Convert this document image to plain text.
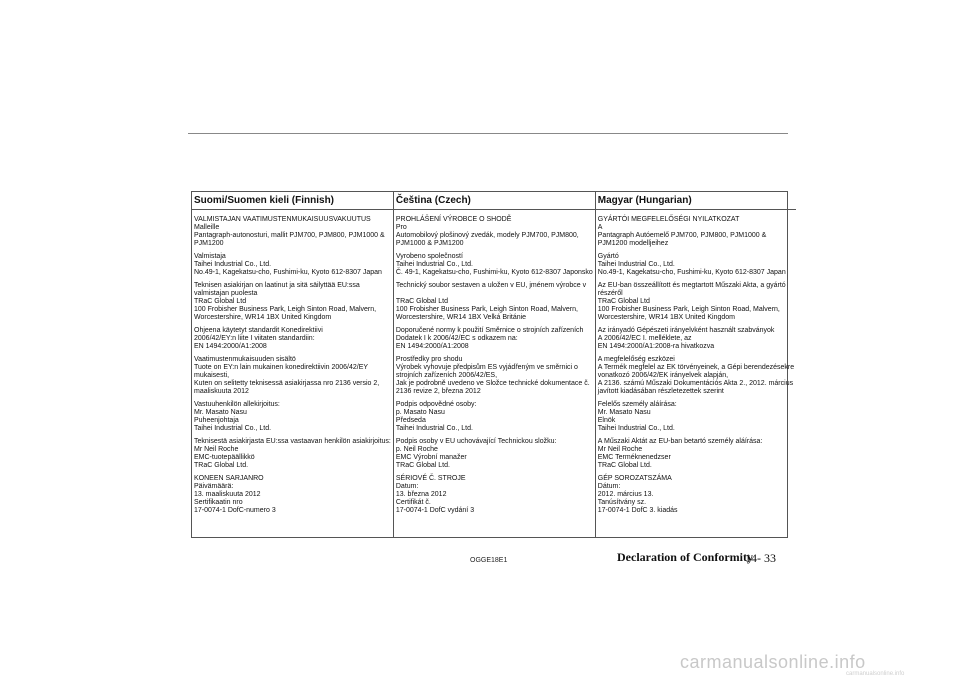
Suomi/Suomen kieli (Finnish)
VALMISTAJAN VAATIMUSTENMUKAISUUSVAKUUTUS
Malleille
Pantagraph-autonosturi, mallit PJM700, PJM800, PJM1000 &
PJM1200
Valmistaja
Taihei Industrial Co., Ltd.
No.49-1, Kagekatsu-cho, Fushimi-ku, Kyoto 612-8307 Japan
Teknisen asiakirjan on laatinut ja sitä säilyttää EU:ssa
valmistajan puolesta
TRaC Global Ltd
100 Frobisher Business Park, Leigh Sinton Road, Malvern,
Worcestershire, WR14 1BX United Kingdom
Ohjeena käytetyt standardit Konedirektiivi
2006/42/EY:n liite I viitaten standardiin:
EN 1494:2000/A1:2008
Vaatimustenmukaisuuden sisältö
Tuote on EY:n lain mukainen konedirektiivin 2006/42/EY
mukaisesti,
Kuten on selitetty teknisessä asiakirjassa nro 2136 versio 2,
maaliskuuta 2012
Vastuuhenkilön allekirjoitus:
Mr. Masato Nasu
Puheenjohtaja
Taihei Industrial Co., Ltd.
Teknisestä asiakirjasta EU:ssa vastaavan henkilön asiakirjoitus:
Mr Neil Roche
EMC-tuotepäällikkö
TRaC Global Ltd.
KONEEN SARJANRO
Päivämäärä:
13. maaliskuuta 2012
Sertifikaatin nro
17-0074-1 DofC-numero 3
Čeština (Czech)
PROHLÁŠENÍ VÝROBCE O SHODĚ
Pro
Automobilový plošinový zvedák, modely PJM700, PJM800,
PJM1000 & PJM1200
Vyrobeno společností
Taihei Industrial Co., Ltd.
Č. 49-1, Kagekatsu-cho, Fushimi-ku, Kyoto 612-8307 Japonsko
Technický soubor sestaven a uložen v EU, jménem výrobce v

TRaC Global Ltd
100 Frobisher Business Park, Leigh Sinton Road, Malvern,
Worcestershire, WR14 1BX Velká Británie
Doporučené normy k použití Směrnice o strojních zařízeních
Dodatek I k 2006/42/EC s odkazem na:
EN 1494:2000/A1:2008
Prostředky pro shodu
Výrobek vyhovuje předpisům ES vyjádřeným ve směrnici o
strojních zařízeních 2006/42/ES,
Jak je podrobně uvedeno ve Složce technické dokumentace č.
2136 revize 2, března 2012
Podpis odpovědné osoby:
p. Masato Nasu
Předseda
Taihei Industrial Co., Ltd.
Podpis osoby v EU uchovávající Technickou složku:
p. Neil Roche
EMC Výrobní manažer
TRaC Global Ltd.
SÉRIOVÉ Č. STROJE
Datum:
13. března 2012
Certifikát č.
17-0074-1 DofC vydání 3
Magyar (Hungarian)
GYÁRTÓI MEGFELELŐSÉGI NYILATKOZAT
A
Pantagraph Autóemelő PJM700, PJM800, PJM1000 &
PJM1200 modelljeihez
Gyártó
Taihei Industrial Co., Ltd.
No.49-1, Kagekatsu-cho, Fushimi-ku, Kyoto 612-8307 Japan
Az EU-ban összeállított és megtartott Műszaki Akta, a gyártó
részéről
TRaC Global Ltd
100 Frobisher Business Park, Leigh Sinton Road, Malvern,
Worcestershire, WR14 1BX United Kingdom
Az irányadó Gépészeti irányelvként használt szabványok
A 2006/42/EC I. melléklete, az
EN 1494:2000/A1:2008-ra hivatkozva
A megfelelőség eszközei
A Termék megfelel az EK törvényeinek, a Gépi berendezésekre
vonatkozó 2006/42/EK irányelvek alapján,
A 2136. számú Műszaki Dokumentációs Akta 2., 2012. március
javított kiadásában részletezettek szerint
Felelős személy aláírása:
Mr. Masato Nasu
Elnök
Taihei Industrial Co., Ltd.
A Műszaki Aktát az EU-ban betartó személy aláírása:
Mr Neil Roche
EMC Terméknenedzser
TRaC Global Ltd.
GÉP SOROZATSZÁMA
Dátum:
2012. március 13.
Tanúsítvány sz.
17-0074-1 DofC 3. kiadás
OGGE18E1	Declaration of Conformity
14- 33
carmanualsonline.info
carmanualsonline.info
